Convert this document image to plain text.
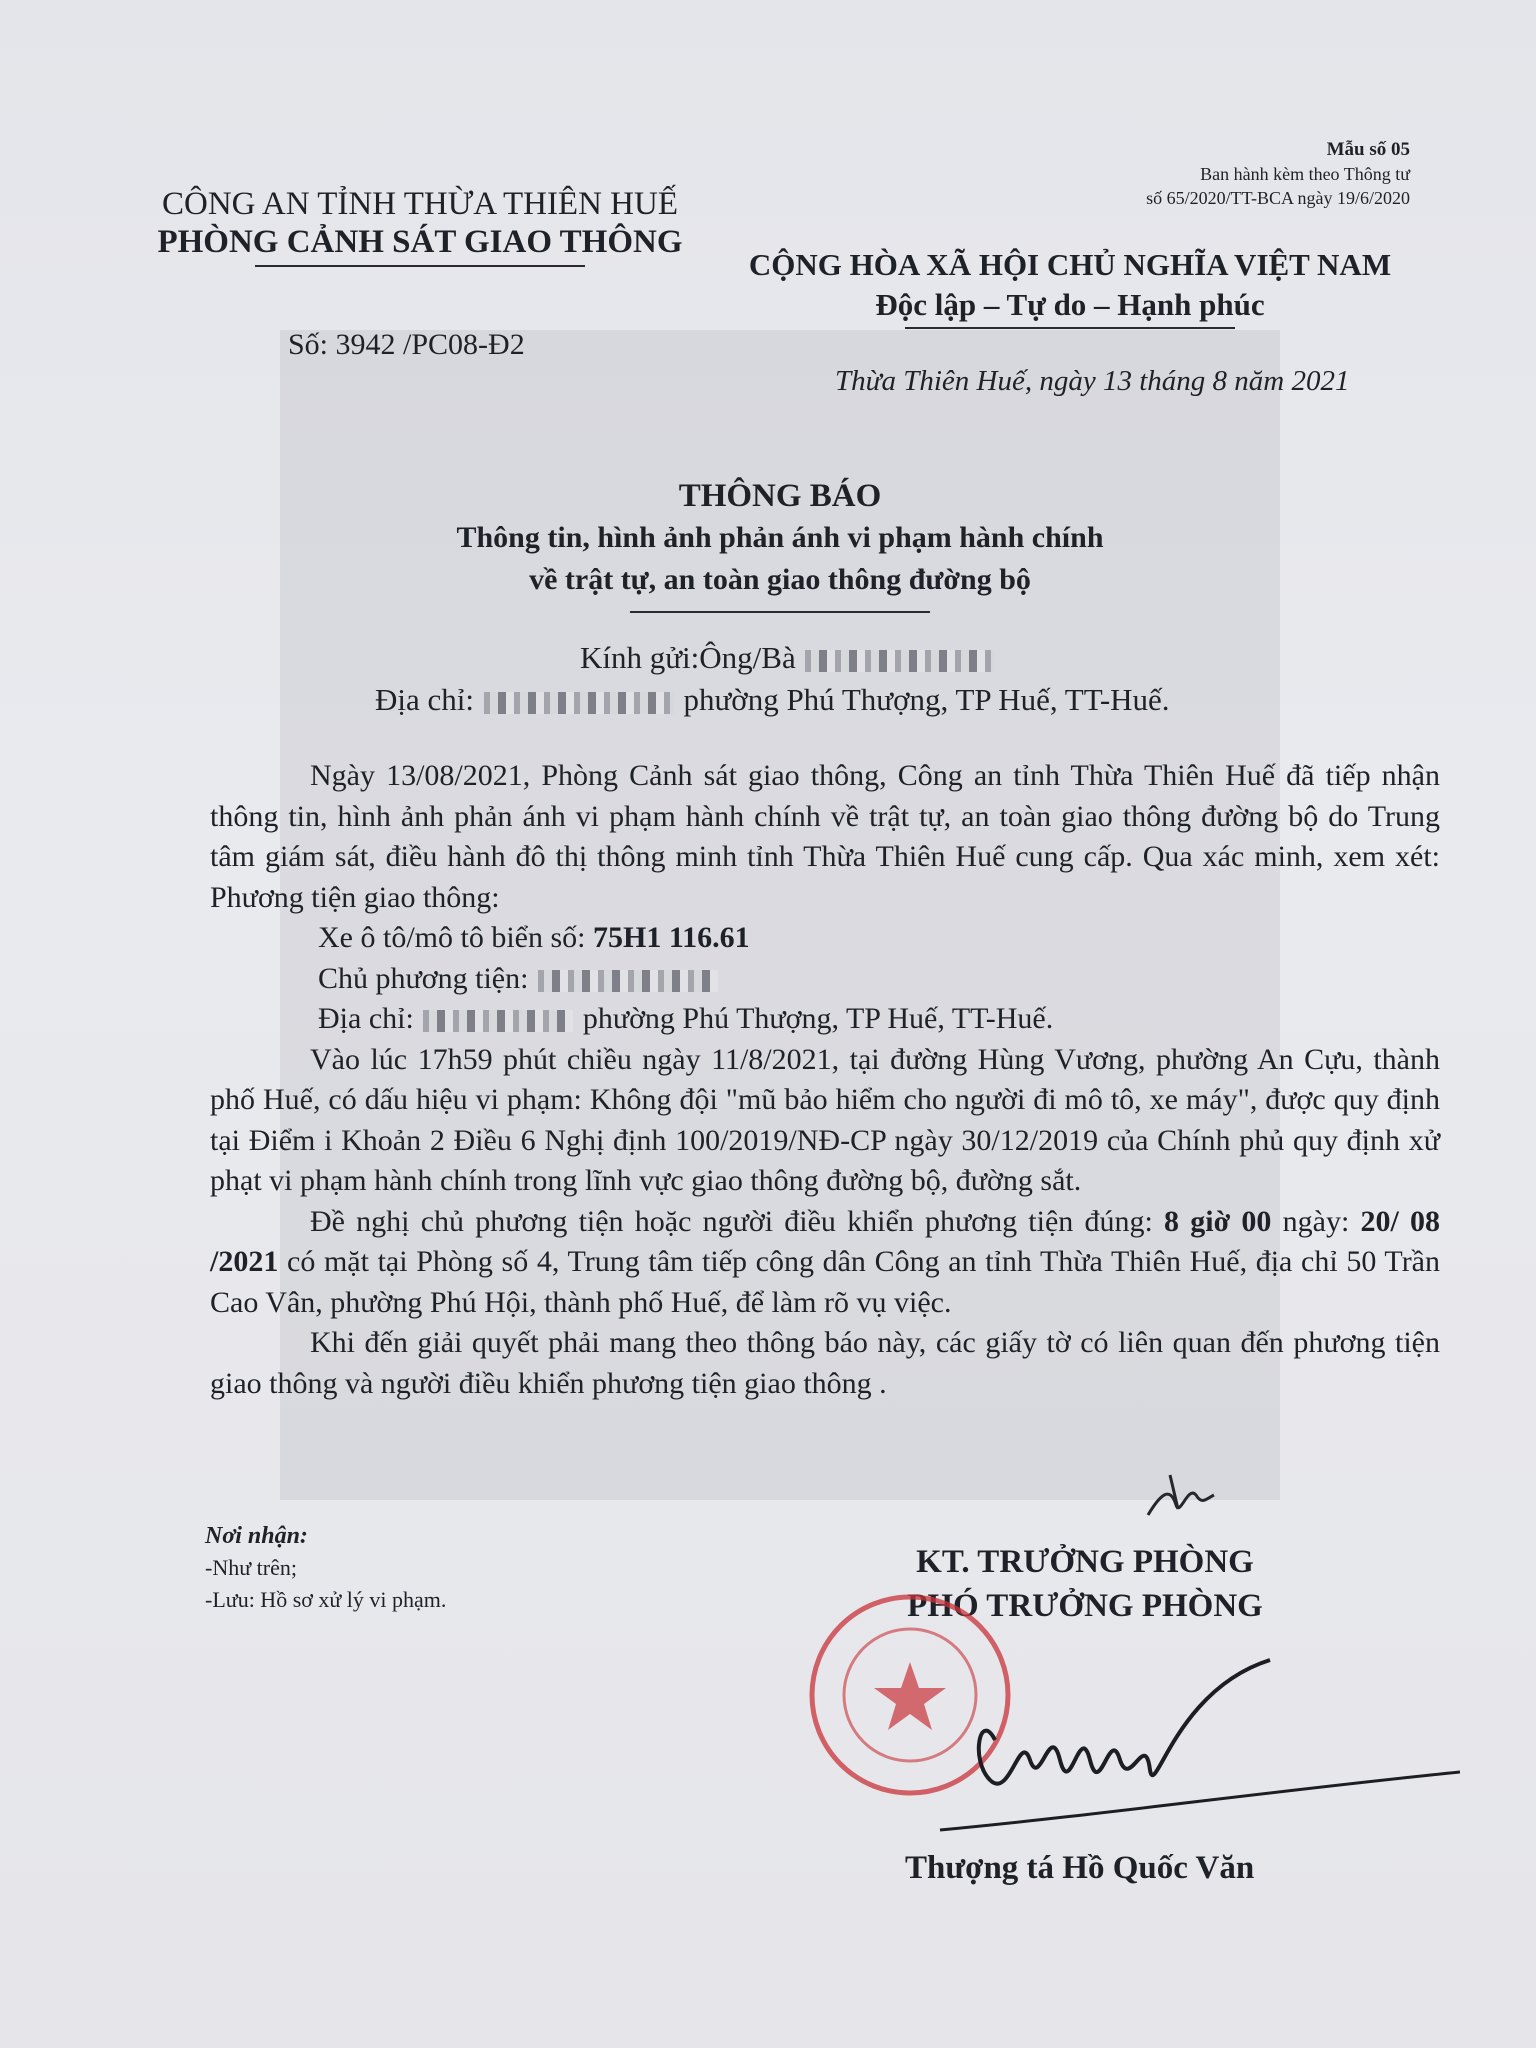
Mẫu số 05
Ban hành kèm theo Thông tư
số 65/2020/TT-BCA ngày 19/6/2020
CÔNG AN TỈNH THỪA THIÊN HUẾ
PHÒNG CẢNH SÁT GIAO THÔNG
Số: 3942 /PC08-Đ2
CỘNG HÒA XÃ HỘI CHỦ NGHĨA VIỆT NAM
Độc lập – Tự do – Hạnh phúc
Thừa Thiên Huế, ngày 13 tháng 8 năm 2021
THÔNG BÁO
Thông tin, hình ảnh phản ánh vi phạm hành chính
về trật tự, an toàn giao thông đường bộ
Kính gửi:Ông/Bà
Địa chỉ:	phường Phú Thượng, TP Huế, TT-Huế.

Ngày 13/08/2021, Phòng Cảnh sát giao thông, Công an tỉnh Thừa Thiên Huế đã tiếp nhận thông tin, hình ảnh phản ánh vi phạm hành chính về trật tự, an toàn giao thông đường bộ do Trung tâm giám sát, điều hành đô thị thông minh tỉnh Thừa Thiên Huế cung cấp. Qua xác minh, xem xét: Phương tiện giao thông:

Xe ô tô/mô tô biển số: 75H1 116.61

Chủ phương tiện:

Địa chỉ:	phường Phú Thượng, TP Huế, TT-Huế.

Vào lúc 17h59 phút chiều ngày 11/8/2021, tại đường Hùng Vương, phường An Cựu, thành phố Huế, có dấu hiệu vi phạm: Không đội "mũ bảo hiểm cho người đi mô tô, xe máy", được quy định tại Điểm i Khoản 2 Điều 6 Nghị định 100/2019/NĐ-CP ngày 30/12/2019 của Chính phủ quy định xử phạt vi phạm hành chính trong lĩnh vực giao thông đường bộ, đường sắt.

Đề nghị chủ phương tiện hoặc người điều khiển phương tiện đúng: 8 giờ 00 ngày: 20/ 08 /2021 có mặt tại Phòng số 4, Trung tâm tiếp công dân Công an tỉnh Thừa Thiên Huế, địa chỉ 50 Trần Cao Vân, phường Phú Hội, thành phố Huế, để làm rõ vụ việc.

Khi đến giải quyết phải mang theo thông báo này, các giấy tờ có liên quan đến phương tiện giao thông và người điều khiển phương tiện giao thông .

Nơi nhận:
-Như trên;
-Lưu: Hồ sơ xử lý vi phạm.
KT. TRƯỞNG PHÒNG
PHÓ TRƯỞNG PHÒNG
Thượng tá Hồ Quốc Văn
